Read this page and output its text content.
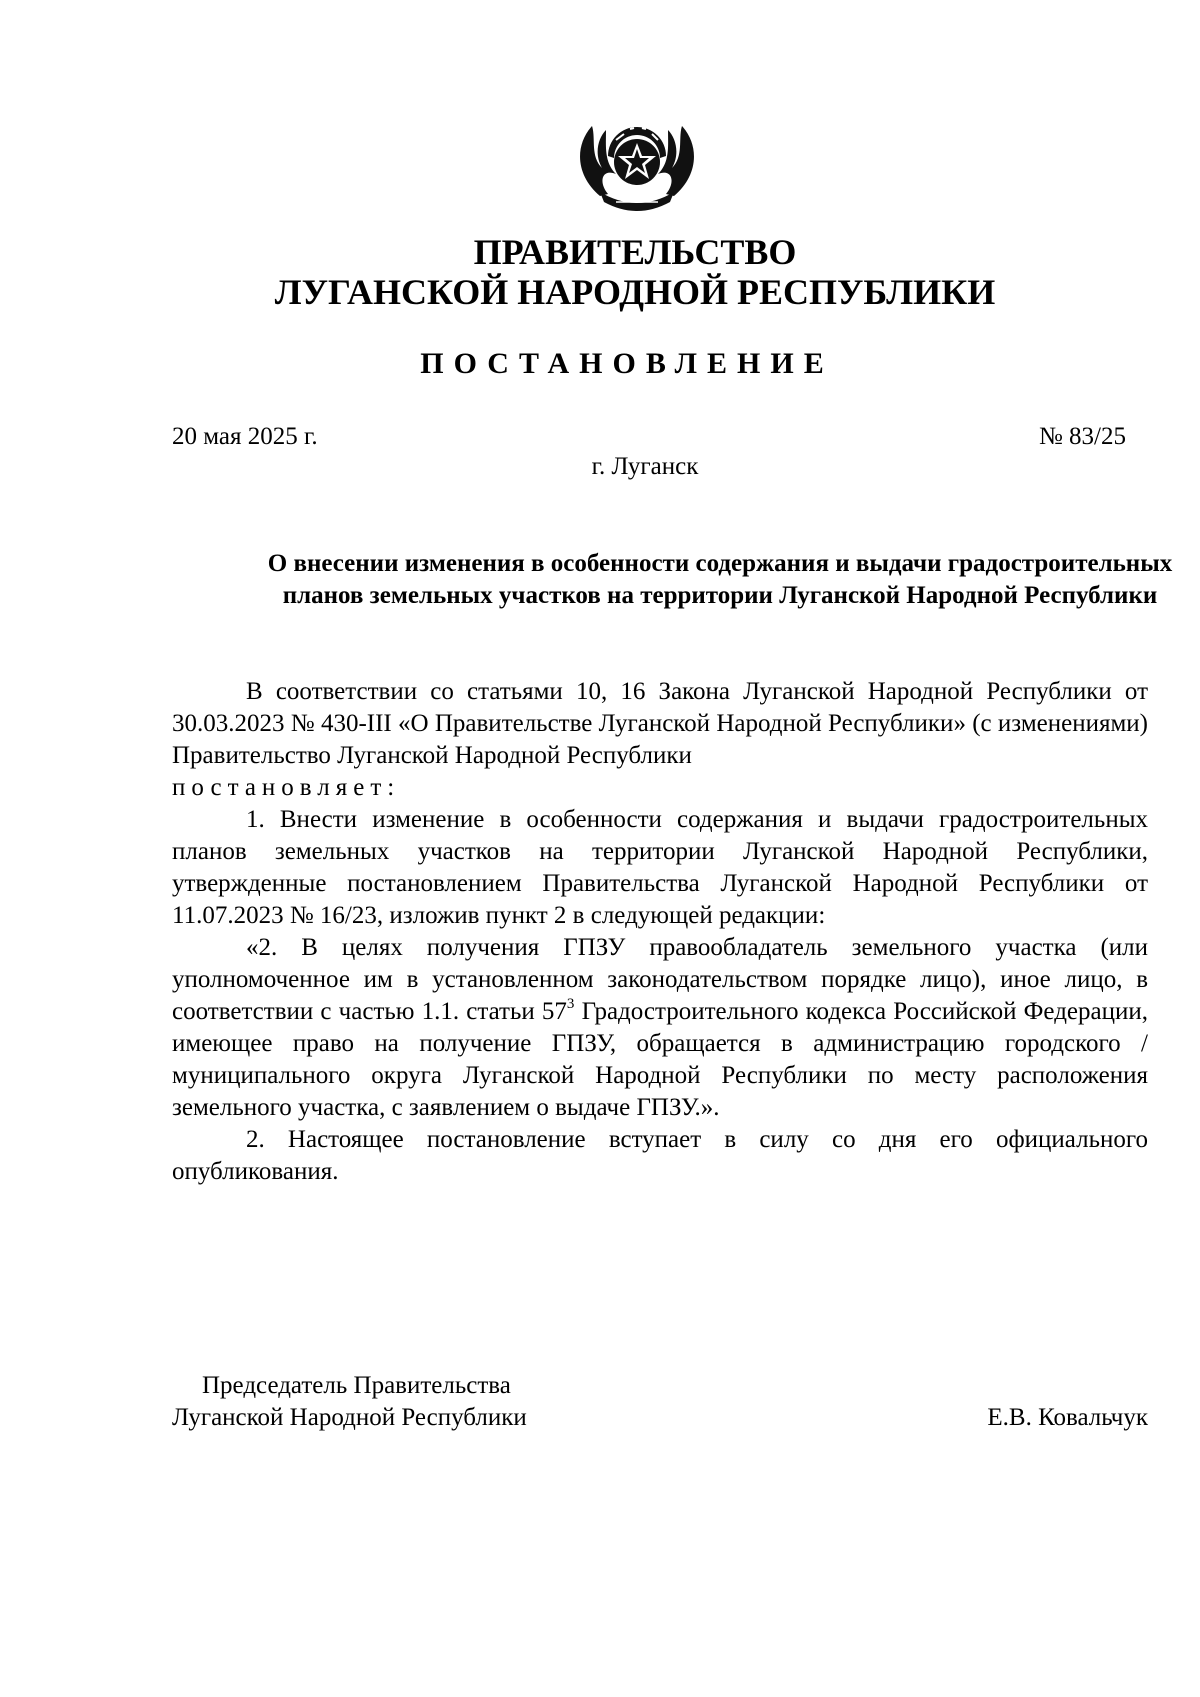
ПРАВИТЕЛЬСТВО
ЛУГАНСКОЙ НАРОДНОЙ РЕСПУБЛИКИ
ПОСТАНОВЛЕНИЕ
20 мая 2025 г.	№ 83/25
г. Луганск

О внесении изменения в особенности содержания и выдачи градостроительных планов земельных участков на территории Луганской Народной Республики

В соответствии со статьями 10, 16 Закона Луганской Народной Республики от 30.03.2023 № 430-III «О Правительстве Луганской Народной Республики» (с изменениями) Правительство Луганской Народной Республики

постановляет:

1. Внести изменение в особенности содержания и выдачи градостроительных планов земельных участков на территории Луганской Народной Республики, утвержденные постановлением Правительства Луганской Народной Республики от 11.07.2023 № 16/23, изложив пункт 2 в следующей редакции:

«2. В целях получения ГПЗУ правообладатель земельного участка (или уполномоченное им в установленном законодательством порядке лицо), иное лицо, в соответствии с частью 1.1. статьи $57^3$ Градостроительного кодекса Российской Федерации, имеющее право на получение ГПЗУ, обращается в администрацию городского / муниципального округа Луганской Народной Республики по месту расположения земельного участка, с заявлением о выдаче ГПЗУ.».

2. Настоящее постановление вступает в силу со дня его официального опубликования.

Председатель Правительства
Луганской Народной Республики	Е.В. Ковальчук
